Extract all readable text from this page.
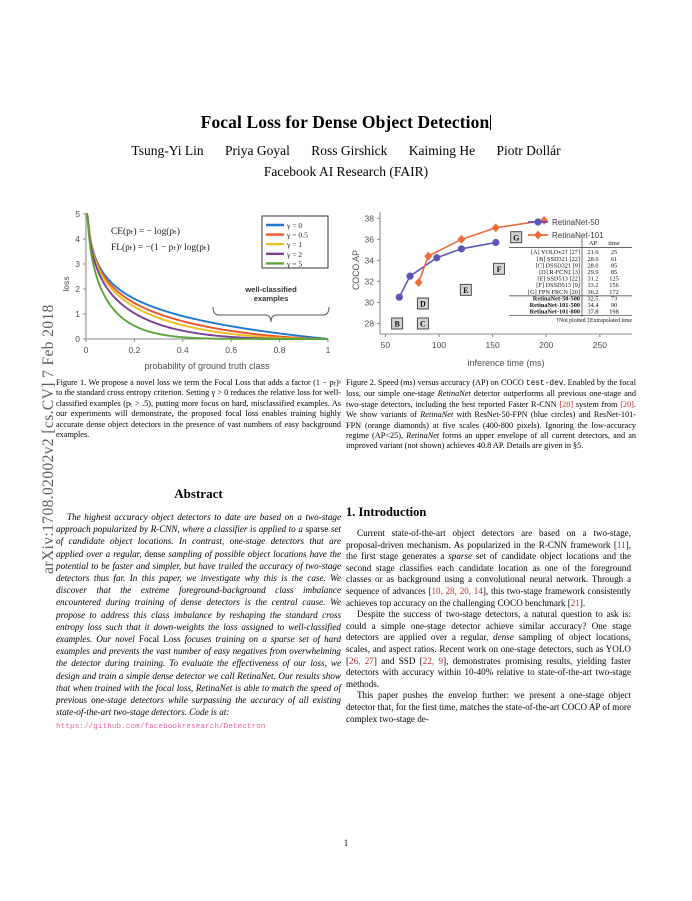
arXiv:1708.02002v2 [cs.CV] 7 Feb 2018
Focal Loss for Dense Object Detection
Tsung-Yi Lin Priya Goyal Ross Girshick Kaiming He Piotr Dollár
Facebook AI Research (FAIR)
0
1
2
3
4
5
0	0.2	0.4	0.6	0.8	1
γ = 0
γ = 0.5
γ = 1
γ = 2
γ = 5
loss
probability of ground truth class
CE(pₜ) = − log(pₜ)
FL(pₜ) = −(1 − pₜ)ᵞ log(pₜ)
well-classified
examples
Figure 1. We propose a novel loss we term the Focal Loss that adds a factor (1 − pₜ)ᵞ to the standard cross entropy criterion. Setting γ > 0 reduces the relative loss for well-classified examples (pₜ > .5), putting more focus on hard, misclassified examples. As our experiments will demonstrate, the proposed focal loss enables training highly accurate dense object detectors in the presence of vast numbers of easy background examples.
28
30
32
34
36
38
50	100	150	200	250
B	C
D
E
F
G
RetinaNet-50
RetinaNet-101
AP time
[A] YOLOv2† [27] 21.6 25
[B] SSD321 [22] 28.0 61
[C] DSSD321 [9] 28.0 85
[D] R-FCN‡ [3] 29.9 85
[E] SSD513 [22] 31.2 125
[F] DSSD513 [9] 33.2 156
[G] FPN FRCN [20] 36.2 172
RetinaNet-50-500 32.5 73
RetinaNet-101-500 34.4 90
RetinaNet-101-800 37.8 198
†Not plotted ‡Extrapolated time
COCO AP
inference time (ms)
Figure 2. Speed (ms) versus accuracy (AP) on COCO test-dev. Enabled by the focal loss, our simple one-stage RetinaNet detector outperforms all previous one-stage and two-stage detectors, including the best reported Faster R-CNN [28] system from [20]. We show variants of RetinaNet with ResNet-50-FPN (blue circles) and ResNet-101-FPN (orange diamonds) at five scales (400-800 pixels). Ignoring the low-accuracy regime (AP<25), RetinaNet forms an upper envelope of all current detectors, and an improved variant (not shown) achieves 40.8 AP. Details are given in §5.
Abstract

The highest accuracy object detectors to date are based on a two-stage approach popularized by R-CNN, where a classifier is applied to a sparse set of candidate object locations. In contrast, one-stage detectors that are applied over a regular, dense sampling of possible object locations have the potential to be faster and simpler, but have trailed the accuracy of two-stage detectors thus far. In this paper, we investigate why this is the case. We discover that the extreme foreground-background class imbalance encountered during training of dense detectors is the central cause. We propose to address this class imbalance by reshaping the standard cross entropy loss such that it down-weights the loss assigned to well-classified examples. Our novel Focal Loss focuses training on a sparse set of hard examples and prevents the vast number of easy negatives from overwhelming the detector during training. To evaluate the effectiveness of our loss, we design and train a simple dense detector we call RetinaNet. Our results show that when trained with the focal loss, RetinaNet is able to match the speed of previous one-stage detectors while surpassing the accuracy of all existing state-of-the-art two-stage detectors. Code is at:

https://github.com/facebookresearch/Detectron

1. Introduction

Current state-of-the-art object detectors are based on a two-stage, proposal-driven mechanism. As popularized in the R-CNN framework [11], the first stage generates a sparse set of candidate object locations and the second stage classifies each candidate location as one of the foreground classes or as background using a convolutional neural network. Through a sequence of advances [10, 28, 20, 14], this two-stage framework consistently achieves top accuracy on the challenging COCO benchmark [21].

Despite the success of two-stage detectors, a natural question to ask is: could a simple one-stage detector achieve similar accuracy? One stage detectors are applied over a regular, dense sampling of object locations, scales, and aspect ratios. Recent work on one-stage detectors, such as YOLO [26, 27] and SSD [22, 9], demonstrates promising results, yielding faster detectors with accuracy within 10-40% relative to state-of-the-art two-stage methods.

This paper pushes the envelop further: we present a one-stage object detector that, for the first time, matches the state-of-the-art COCO AP of more complex two-stage de-

1
